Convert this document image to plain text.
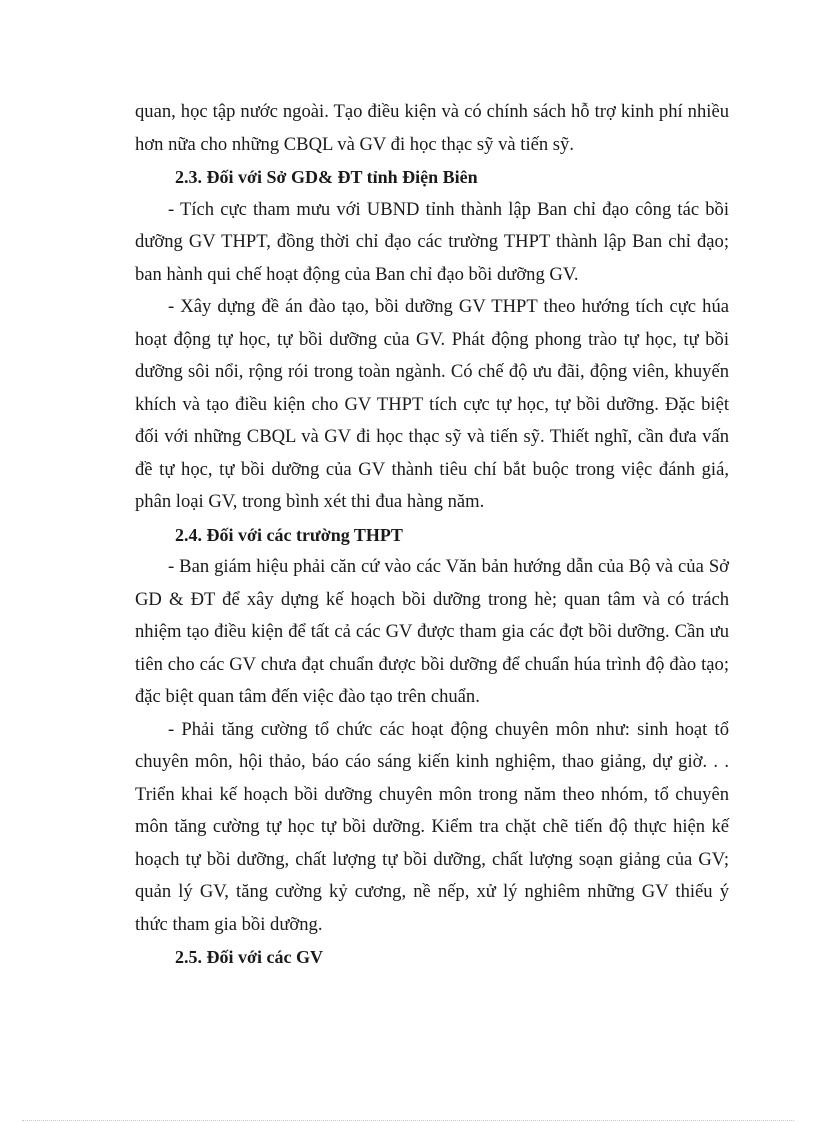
quan, học tập nước ngoài. Tạo điều kiện và có chính sách hỗ trợ kinh phí nhiều hơn nữa cho những CBQL và GV đi học thạc sỹ và tiến sỹ.

2.3. Đối với Sở GD& ĐT tỉnh Điện Biên

- Tích cực tham mưu với UBND tỉnh thành lập Ban chỉ đạo công tác bồi dưỡng GV THPT, đồng thời chỉ đạo các trường THPT thành lập Ban chỉ đạo; ban hành qui chế hoạt động của Ban chỉ đạo bồi dưỡng GV.

- Xây dựng đề án đào tạo, bồi dưỡng GV THPT theo hướng tích cực húa hoạt động tự học, tự bồi dưỡng của GV. Phát động phong trào tự học, tự bồi dưỡng sôi nổi, rộng rói trong toàn ngành. Có chế độ ưu đãi, động viên, khuyến khích và tạo điều kiện cho GV THPT tích cực tự học, tự bồi dưỡng. Đặc biệt đối với những CBQL và GV đi học thạc sỹ và tiến sỹ. Thiết nghĩ, cần đưa vấn đề tự học, tự bồi dưỡng của GV thành tiêu chí bắt buộc trong việc đánh giá, phân loại GV, trong bình xét thi đua hàng năm.

2.4. Đối với các trường THPT

- Ban giám hiệu phải căn cứ vào các Văn bản hướng dẫn của Bộ và của Sở GD & ĐT để xây dựng kế hoạch bồi dưỡng trong hè; quan tâm và có trách nhiệm tạo điều kiện để tất cả các GV được tham gia các đợt bồi dưỡng. Cần ưu tiên cho các GV chưa đạt chuẩn được bồi dưỡng để chuẩn húa trình độ đào tạo; đặc biệt quan tâm đến việc đào tạo trên chuẩn.

- Phải tăng cường tổ chức các hoạt động chuyên môn như: sinh hoạt tổ chuyên môn, hội thảo, báo cáo sáng kiến kinh nghiệm, thao giảng, dự giờ. . . Triển khai kế hoạch bồi dưỡng chuyên môn trong năm theo nhóm, tổ chuyên môn tăng cường tự học tự bồi dưỡng. Kiểm tra chặt chẽ tiến độ thực hiện kế hoạch tự bồi dưỡng, chất lượng tự bồi dưỡng, chất lượng soạn giảng của GV; quản lý GV, tăng cường kỷ cương, nề nếp, xử lý nghiêm những GV thiếu ý thức tham gia bồi dưỡng.

2.5. Đối với các GV
